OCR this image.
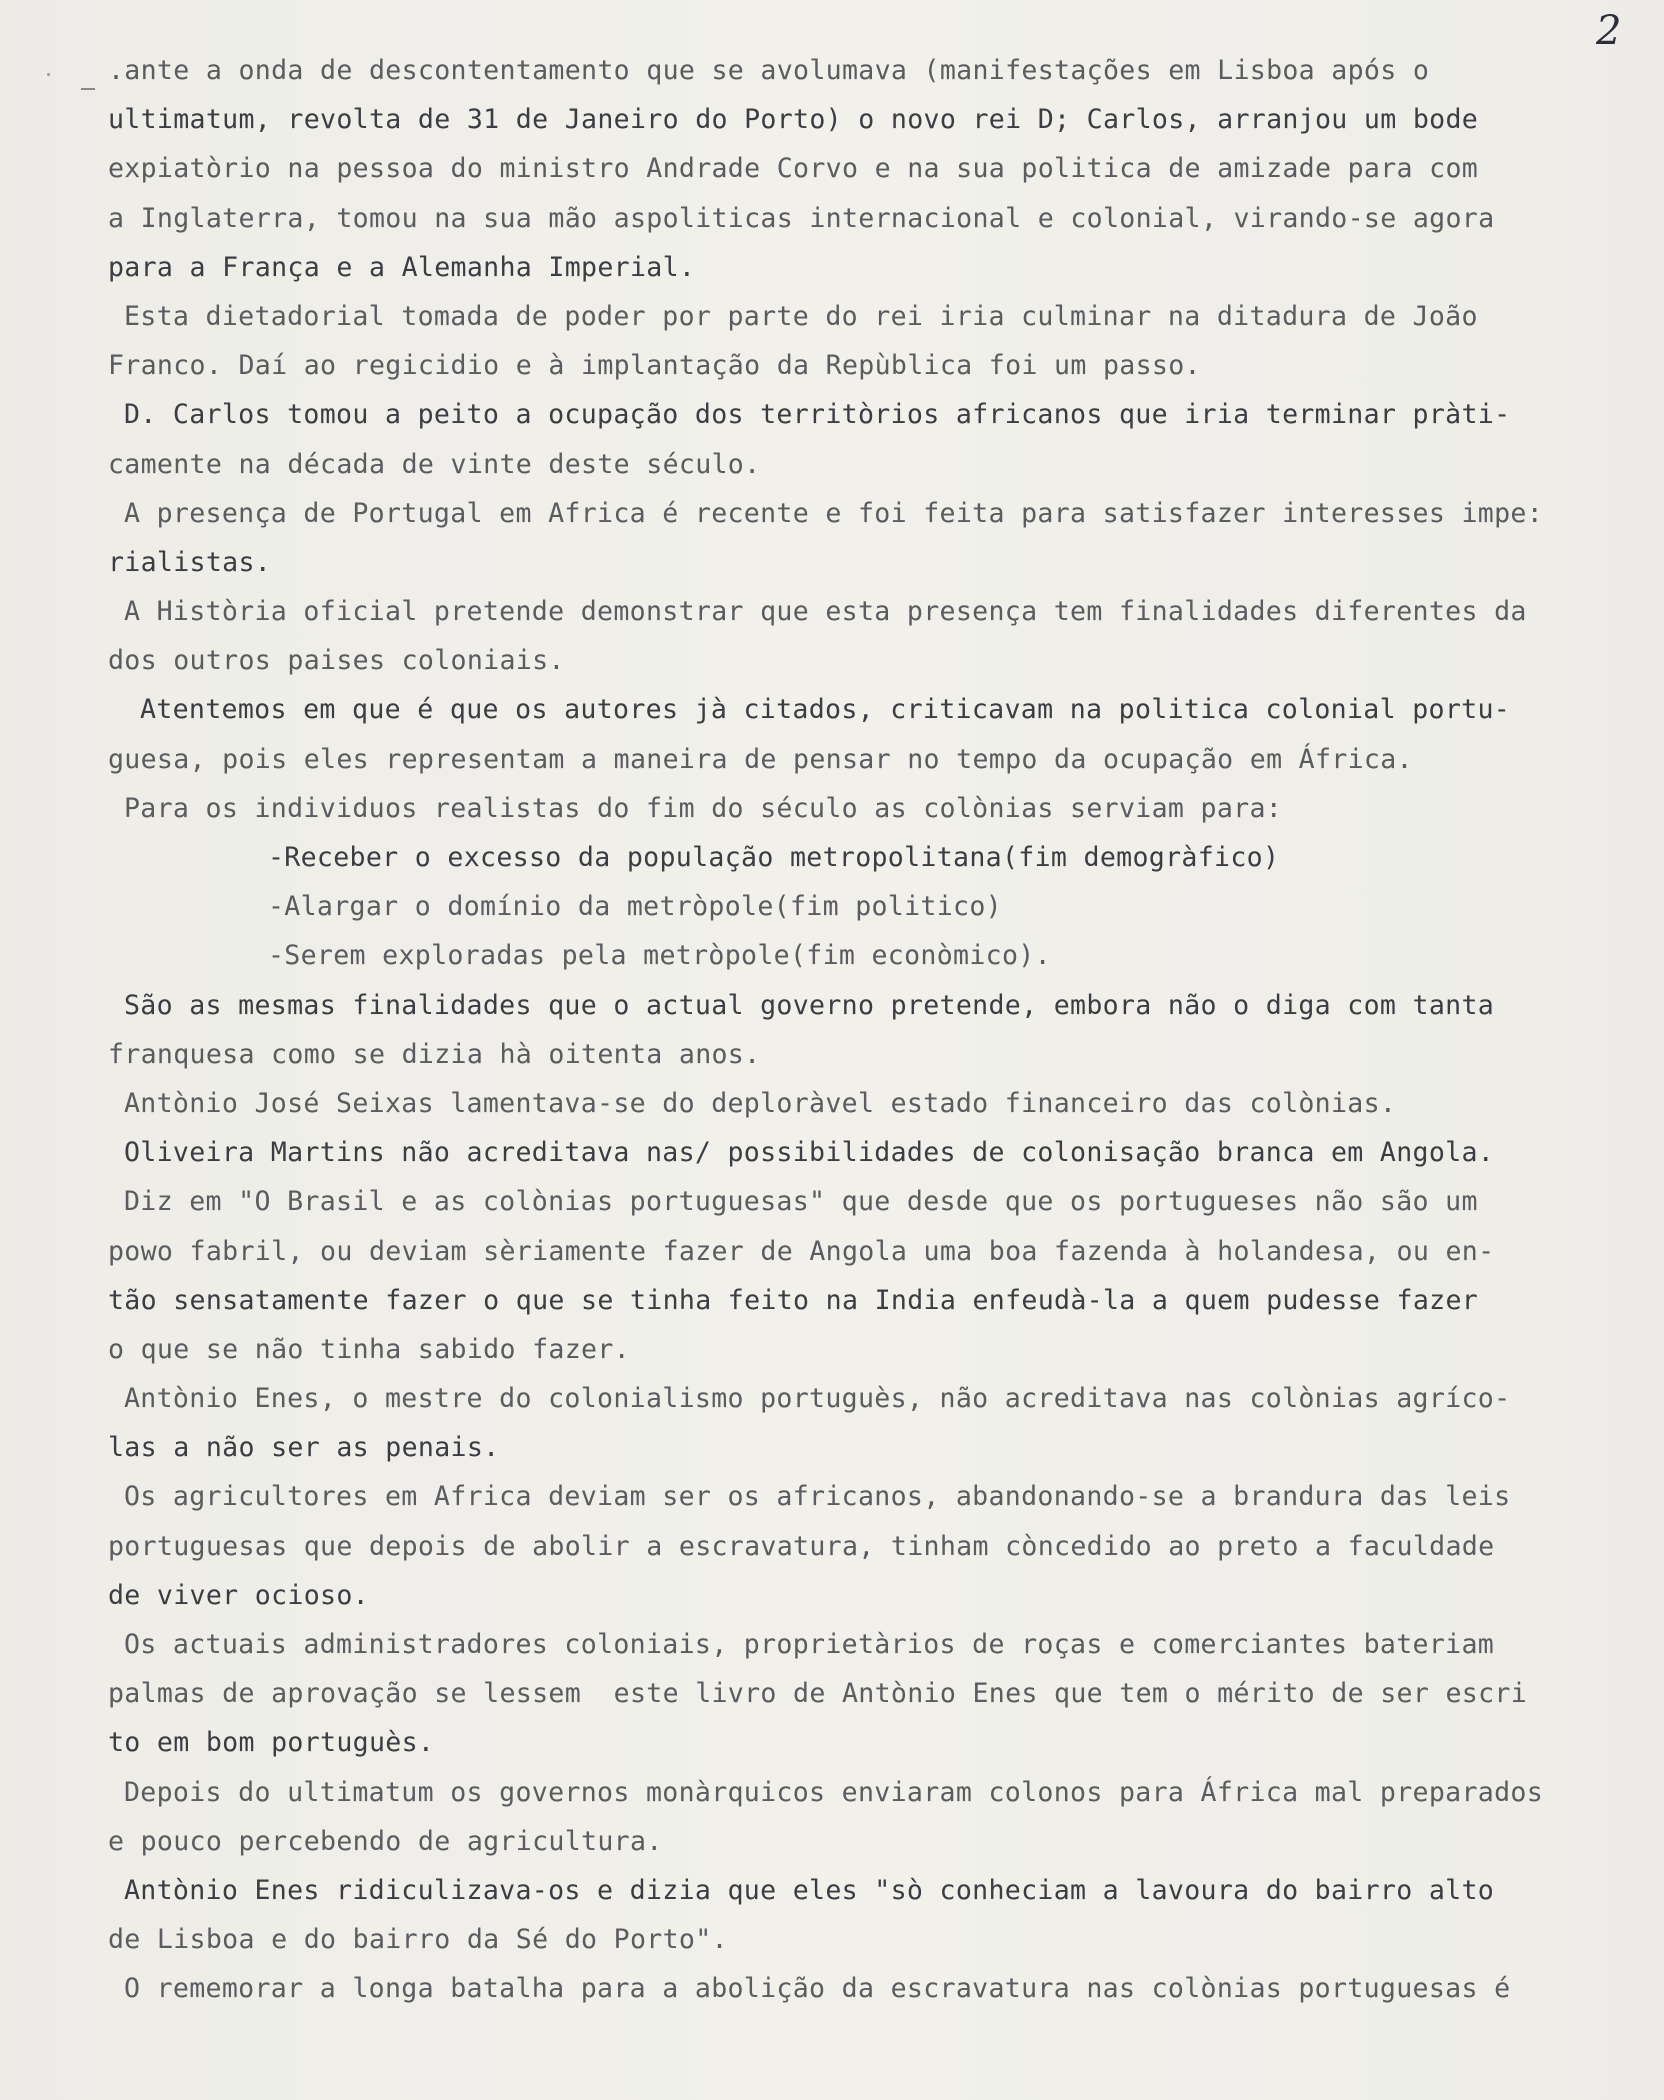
2
.ante a onda de descontentamento que se avolumava (manifestações em Lisboa após o
ultimatum, revolta de 31 de Janeiro do Porto) o novo rei D; Carlos, arranjou um bode
expiatòrio na pessoa do ministro Andrade Corvo e na sua politica de amizade para com
a Inglaterra, tomou na sua mão aspoliticas internacional e colonial, virando-se agora
para a França e a Alemanha Imperial.
Esta dietadorial tomada de poder por parte do rei iria culminar na ditadura de João
Franco. Daí ao regicidio e à implantação da Repùblica foi um passo.
D. Carlos tomou a peito a ocupação dos territòrios africanos que iria terminar pràti-
camente na década de vinte deste século.
A presença de Portugal em Africa é recente e foi feita para satisfazer interesses impe:
rialistas.
A Història oficial pretende demonstrar que esta presença tem finalidades diferentes da
dos outros paises coloniais.
Atentemos em que é que os autores jà citados, criticavam na politica colonial portu-
guesa, pois eles representam a maneira de pensar no tempo da ocupação em África.
Para os individuos realistas do fim do século as colònias serviam para:
-Receber o excesso da população metropolitana(fim demogràfico)
-Alargar o domínio da metròpole(fim politico)
-Serem exploradas pela metròpole(fim econòmico).
São as mesmas finalidades que o actual governo pretende, embora não o diga com tanta
franquesa como se dizia hà oitenta anos.
Antònio José Seixas lamentava-se do deploràvel estado financeiro das colònias.
Oliveira Martins não acreditava nas/ possibilidades de colonisação branca em Angola.
Diz em "O Brasil e as colònias portuguesas" que desde que os portugueses não são um
powo fabril, ou deviam sèriamente fazer de Angola uma boa fazenda à holandesa, ou en-
tão sensatamente fazer o que se tinha feito na India enfeudà-la a quem pudesse fazer
o que se não tinha sabido fazer.
Antònio Enes, o mestre do colonialismo portuguès, não acreditava nas colònias agríco-
las a não ser as penais.
Os agricultores em Africa deviam ser os africanos, abandonando-se a brandura das leis
portuguesas que depois de abolir a escravatura, tinham còncedido ao preto a faculdade
de viver ocioso.
Os actuais administradores coloniais, proprietàrios de roças e comerciantes bateriam
palmas de aprovação se lessem  este livro de Antònio Enes que tem o mérito de ser escri
to em bom portuguès.
Depois do ultimatum os governos monàrquicos enviaram colonos para África mal preparados
e pouco percebendo de agricultura.
Antònio Enes ridiculizava-os e dizia que eles "sò conheciam a lavoura do bairro alto
de Lisboa e do bairro da Sé do Porto".
O rememorar a longa batalha para a abolição da escravatura nas colònias portuguesas é
